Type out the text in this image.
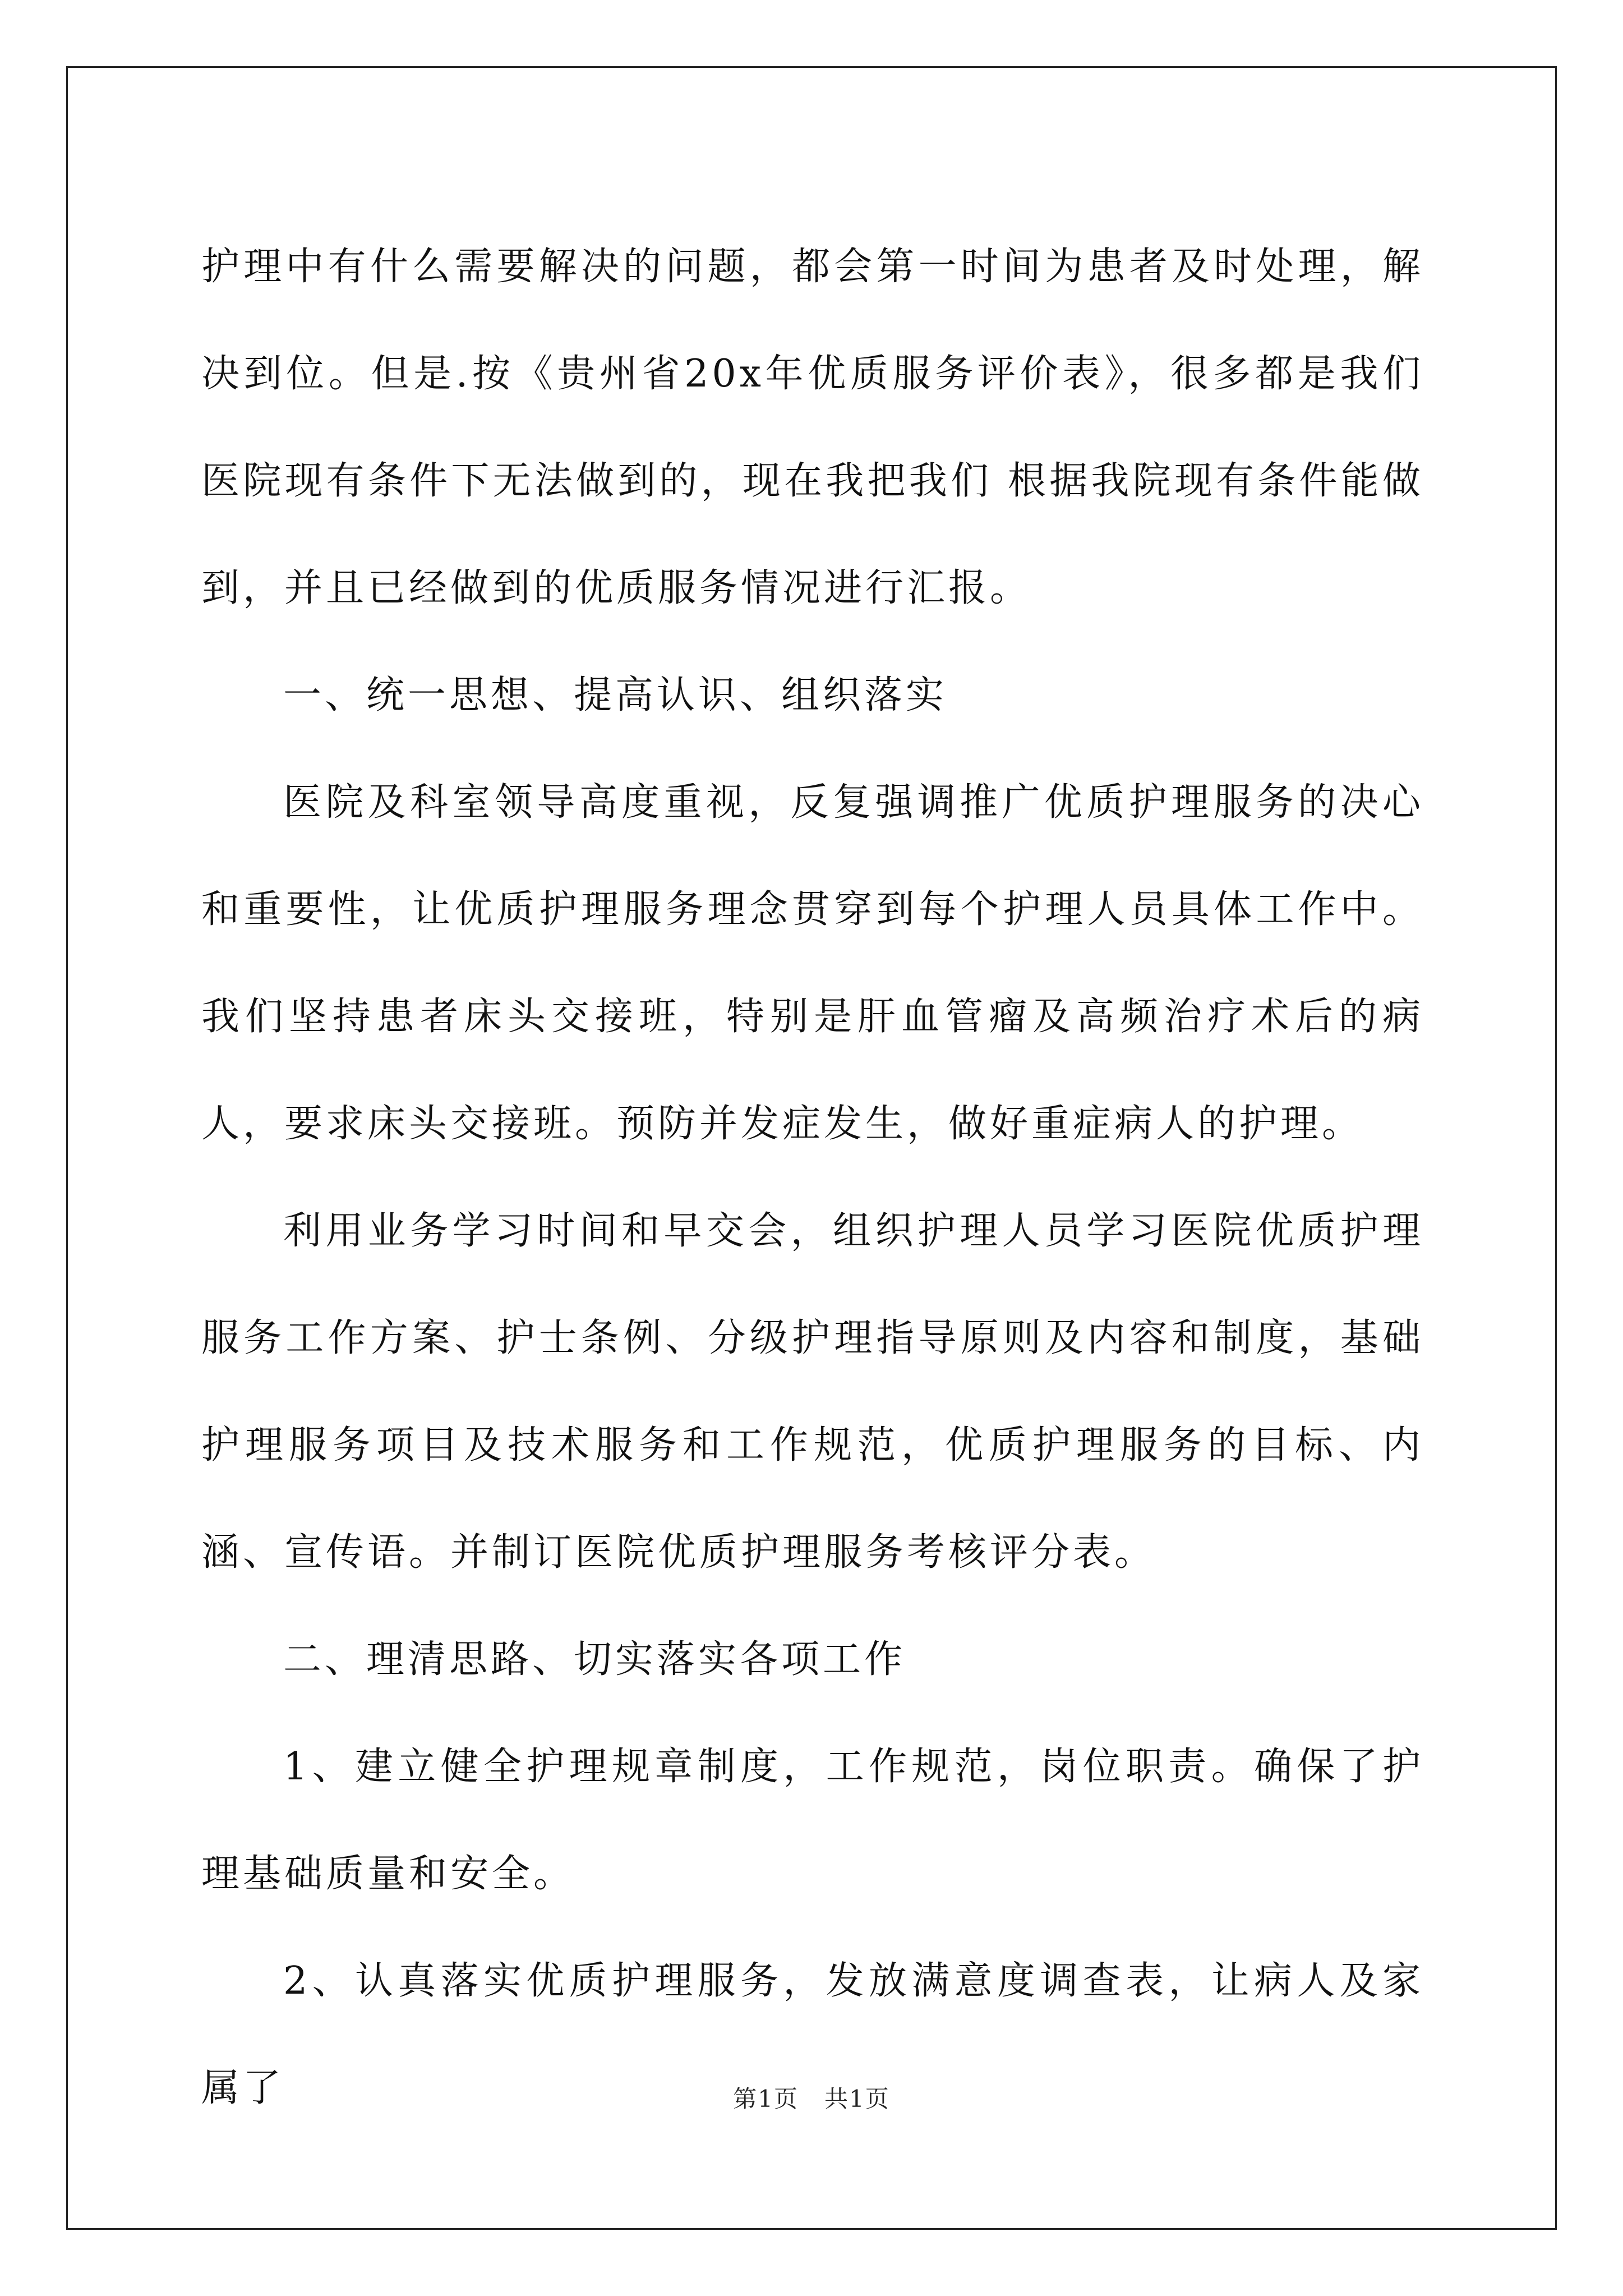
护理中有什么需要解决的问题，都会第一时间为患者及时处理，解决到位。但是.按《贵州省20x年优质服务评价表》，很多都是我们医院现有条件下无法做到的，现在我把我们 根据我院现有条件能做到，并且已经做到的优质服务情况进行汇报。

一、统一思想、提高认识、组织落实

医院及科室领导高度重视，反复强调推广优质护理服务的决心和重要性，让优质护理服务理念贯穿到每个护理人员具体工作中。我们坚持患者床头交接班，特别是肝血管瘤及高频治疗术后的病人，要求床头交接班。预防并发症发生，做好重症病人的护理。

利用业务学习时间和早交会，组织护理人员学习医院优质护理服务工作方案、护士条例、分级护理指导原则及内容和制度，基础护理服务项目及技术服务和工作规范，优质护理服务的目标、内涵、宣传语。并制订医院优质护理服务考核评分表。

二、理清思路、切实落实各项工作

1、建立健全护理规章制度，工作规范，岗位职责。确保了护理基础质量和安全。

2、认真落实优质护理服务，发放满意度调查表，让病人及家属了	第1页 共1页
